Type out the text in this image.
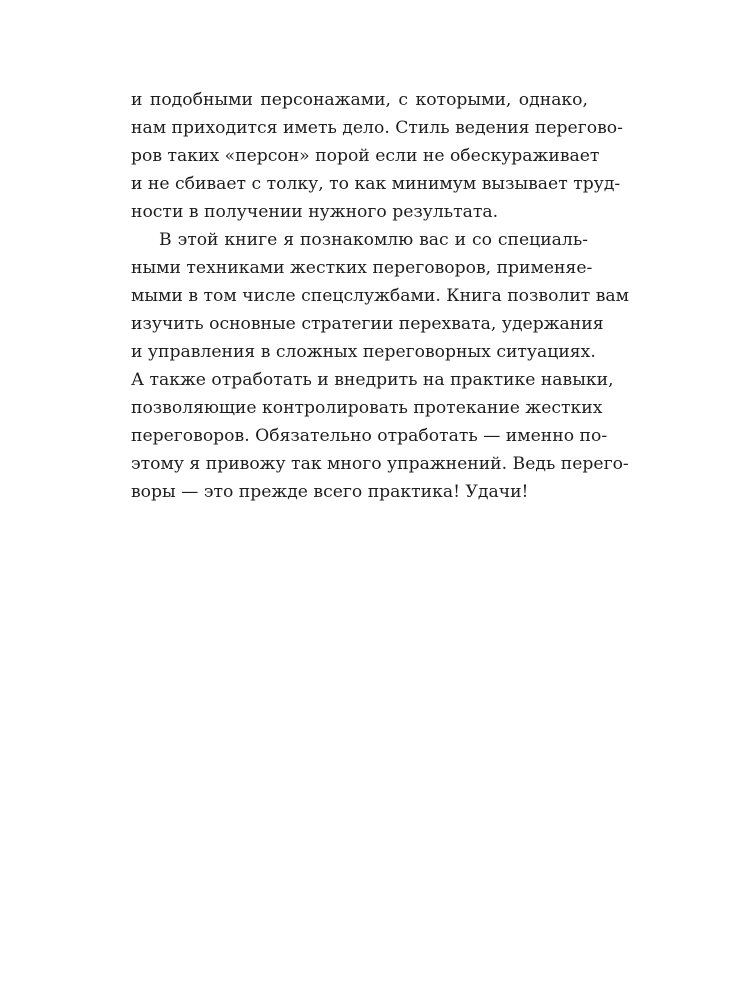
и подобными персонажами, с которыми, однако,
нам приходится иметь дело. Стиль ведения перегово-
ров таких «персон» порой если не обескураживает
и не сбивает с толку, то как минимум вызывает труд-
ности в получении нужного результата.
В этой книге я познакомлю вас и со специаль-
ными техниками жестких переговоров, применяе-
мыми в том числе спецслужбами. Книга позволит вам
изучить основные стратегии перехвата, удержания
и управления в сложных переговорных ситуациях.
А также отработать и внедрить на практике навыки,
позволяющие контролировать протекание жестких
переговоров. Обязательно отработать — именно по-
этому я привожу так много упражнений. Ведь перего-
воры — это прежде всего практика! Удачи!
